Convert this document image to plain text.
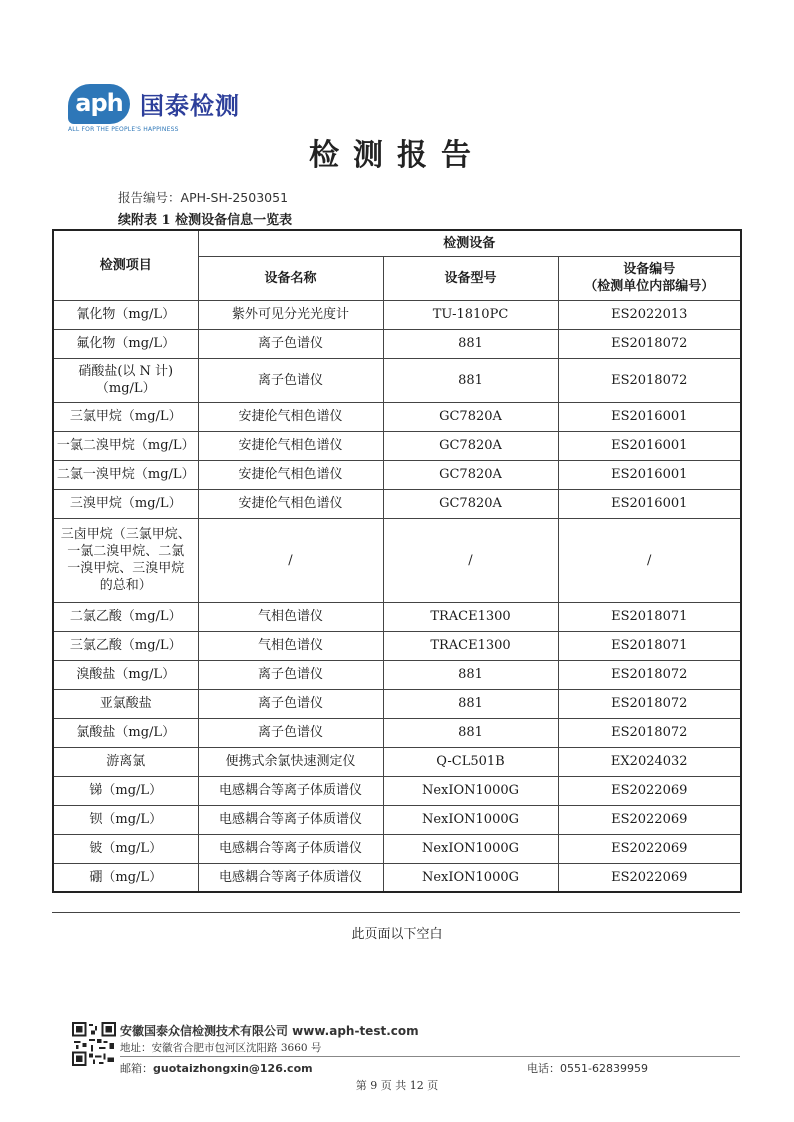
aph 国泰检测
ALL FOR THE PEOPLE'S HAPPINESS
检测报告
报告编号：APH-SH-2503051
续附表 1 检测设备信息一览表
检测项目	检测设备		
	设备名称	设备型号	设备编号
（检测单位内部编号）

氰化物（mg/L）	紫外可见分光光度计	TU-1810PC	ES2022013
氟化物（mg/L）	离子色谱仪	881	ES2018072

硝酸盐(以 N 计)
（mg/L）	离子色谱仪	881	ES2018072
三氯甲烷（mg/L）	安捷伦气相色谱仪	GC7820A	ES2016001
一氯二溴甲烷（mg/L）	安捷伦气相色谱仪	GC7820A	ES2016001
二氯一溴甲烷（mg/L）	安捷伦气相色谱仪	GC7820A	ES2016001
三溴甲烷（mg/L）	安捷伦气相色谱仪	GC7820A	ES2016001

三卤甲烷（三氯甲烷、
一氯二溴甲烷、二氯
一溴甲烷、三溴甲烷
的总和）	/	/	/
二氯乙酸（mg/L）	气相色谱仪	TRACE1300	ES2018071
三氯乙酸（mg/L）	气相色谱仪	TRACE1300	ES2018071
溴酸盐（mg/L）	离子色谱仪	881	ES2018072
亚氯酸盐	离子色谱仪	881	ES2018072
氯酸盐（mg/L）	离子色谱仪	881	ES2018072
游离氯	便携式余氯快速测定仪	Q-CL501B	EX2024032
锑（mg/L）	电感耦合等离子体质谱仪	NexION1000G	ES2022069
钡（mg/L）	电感耦合等离子体质谱仪	NexION1000G	ES2022069
铍（mg/L）	电感耦合等离子体质谱仪	NexION1000G	ES2022069
硼（mg/L）	电感耦合等离子体质谱仪	NexION1000G	ES2022069
此页面以下空白
安徽国泰众信检测技术有限公司 www.aph-test.com
地址：安徽省合肥市包河区沈阳路 3660 号
邮箱：guotaizhongxin@126.com	电话：0551-62839959
第 9 页 共 12 页
